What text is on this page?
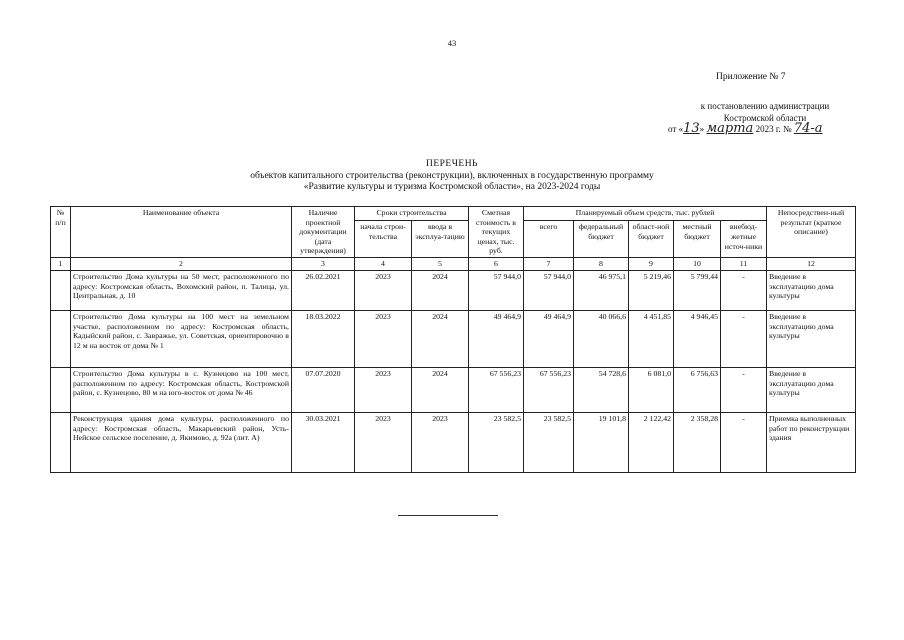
43
Приложение № 7
к постановлению администрации
Костромской области
от «13» марта 2023 г. № 74-а
ПЕРЕЧЕНЬ
объектов капитального строительства (реконструкции), включенных в государственную программу
«Развитие культуры и туризма Костромской области», на 2023-2024 годы
№ п/п	Наименование объекта	Наличие проектной документации (дата утверждения)	Сроки строительства		Сметная стоимость в текущих ценах, тыс. руб.	Планируемый объем средств, тыс. рублей					Непосредствен-ный результат (краткое описание)
			начала строи-тельства	ввода в эксплуа-тацию		всего	федеральный бюджет	област-ной бюджет	местный бюджет	внебюд-жетные источ-ники	
1	2	3	4	5	6	7	8	9	10	11	12
	Строительство Дома культуры на 50 мест, расположенного по адресу: Костромская область, Вохомский район, п. Талица, ул. Центральная, д. 10	26.02.2021	2023	2024	57 944,0	57 944,0	46 975,1	5 219,46	5 799,44	-	Введение в эксплуатацию дома культуры
	Строительство Дома культуры на 100 мест на земельном участке, расположенном по адресу: Костромская область, Кадыйский район, с. Завражье, ул. Советская, ориентировочно в 12 м на восток от дома № 1	18.03.2022	2023	2024	49 464,9	49 464,9	40 066,6	4 451,85	4 946,45	-	Введение в эксплуатацию дома культуры
	Строительство Дома культуры в с. Кузнецово на 100 мест, расположенном по адресу: Костромская область, Костромской район, с. Кузнецово, 80 м на юго-восток от дома № 46	07.07.2020	2023	2024	67 556,23	67 556,23	54 728,6	6 081,0	6 756,63	-	Введение в эксплуатацию дома культуры
	Реконструкция здания дома культуры, расположенного по адресу: Костромская область, Макарьевский район, Усть-Нейское сельское поселение, д. Якимово, д. 92а (лит. А)	30.03.2021	2023	2023	23 582,5	23 582,5	19 101,8	2 122,42	2 358,28	-	Приемка выполненных работ по реконструкции здания
